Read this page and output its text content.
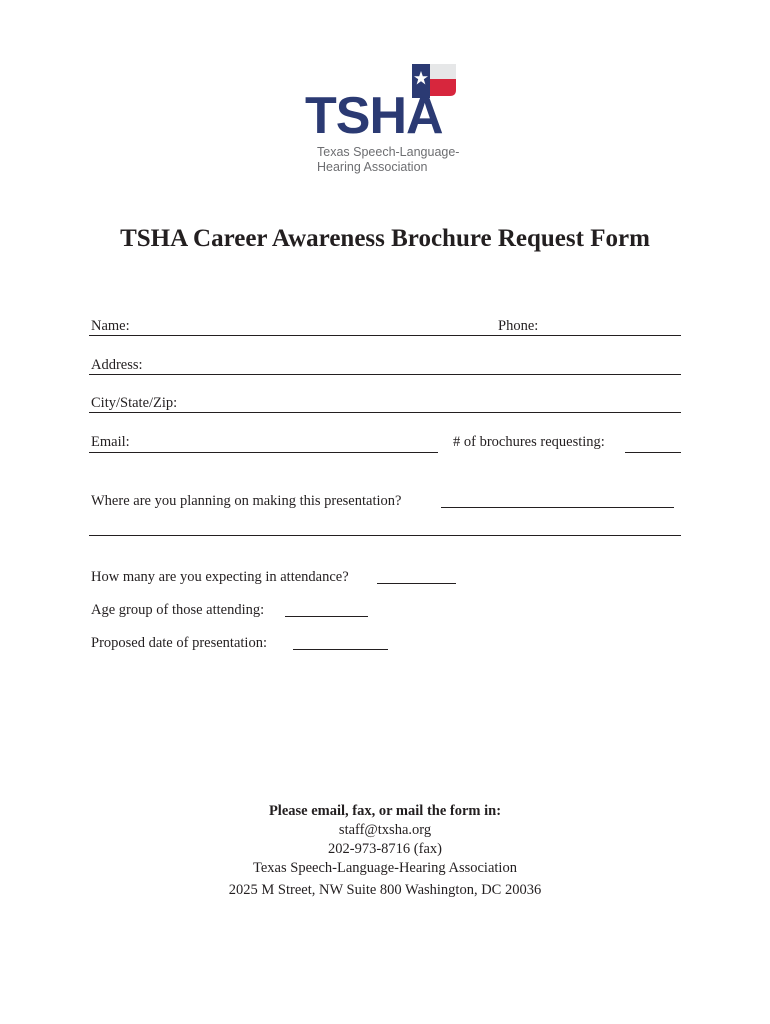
TSHA
Texas Speech-Language-
Hearing Association
TSHA Career Awareness Brochure Request Form
Name:	Phone:
Address:
City/State/Zip:
Email:	# of brochures requesting:
Where are you planning on making this presentation?
How many are you expecting in attendance?
Age group of those attending:
Proposed date of presentation:
Please email, fax, or mail the form in:
staff@txsha.org
202-973-8716 (fax)
Texas Speech-Language-Hearing Association
2025 M Street, NW Suite 800 Washington, DC 20036
